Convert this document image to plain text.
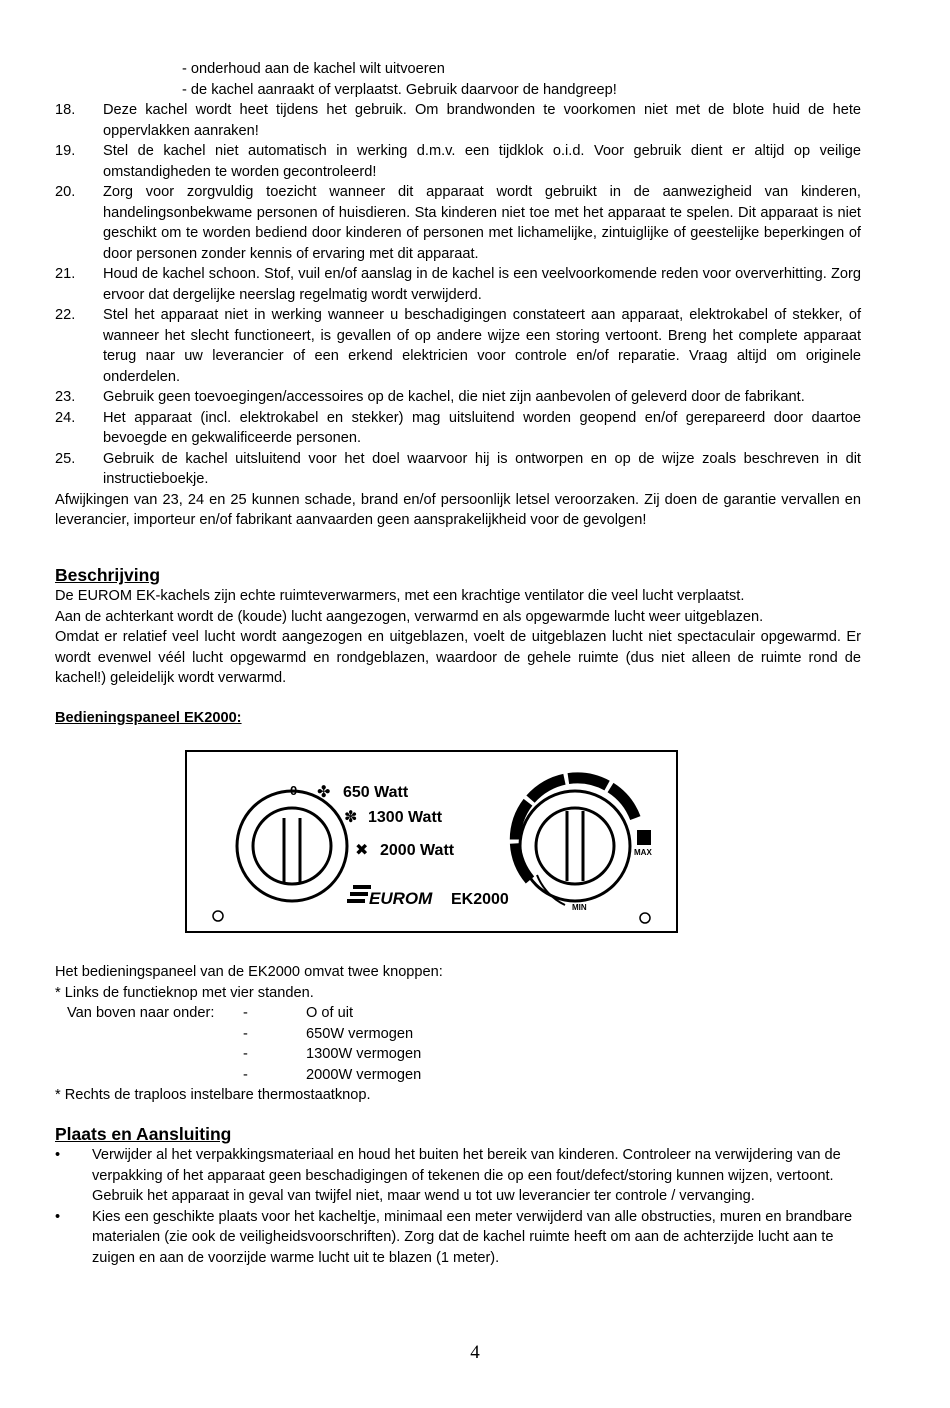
- onderhoud aan de kachel wilt uitvoeren
- de kachel aanraakt of verplaatst. Gebruik daarvoor de handgreep!
18.	Deze kachel wordt heet tijdens het gebruik. Om brandwonden te voorkomen niet met de blote huid de hete oppervlakken aanraken!
19.	Stel de kachel niet automatisch in werking d.m.v. een tijdklok o.i.d. Voor gebruik dient er altijd op veilige omstandigheden te worden gecontroleerd!
20.	Zorg voor zorgvuldig toezicht wanneer dit apparaat wordt gebruikt in de aanwezigheid van kinderen, handelingsonbekwame personen of huisdieren. Sta kinderen niet toe met het apparaat te spelen. Dit apparaat is niet geschikt om te worden bediend door kinderen of personen met lichamelijke, zintuiglijke of geestelijke beperkingen of door personen zonder kennis of ervaring met dit apparaat.
21.	Houd de kachel schoon. Stof, vuil en/of aanslag in de kachel is een veelvoorkomende reden voor oververhitting. Zorg ervoor dat dergelijke neerslag regelmatig wordt verwijderd.
22.	Stel het apparaat niet in werking wanneer u beschadigingen constateert aan apparaat, elektrokabel of stekker, of wanneer het slecht functioneert, is gevallen of op andere wijze een storing vertoont. Breng het complete apparaat terug naar uw leverancier of een erkend elektricien voor controle en/of reparatie. Vraag altijd om originele onderdelen.
23.	Gebruik geen toevoegingen/accessoires op de kachel, die niet zijn aanbevolen of geleverd door de fabrikant.
24.	Het apparaat (incl. elektrokabel en stekker) mag uitsluitend worden geopend en/of gerepareerd door daartoe bevoegde en gekwalificeerde personen.
25.	Gebruik de kachel uitsluitend voor het doel waarvoor hij is ontworpen en op de wijze zoals beschreven in dit instructieboekje.

Afwijkingen van 23, 24 en 25 kunnen schade, brand en/of persoonlijk letsel veroorzaken. Zij doen de garantie vervallen en leverancier, importeur en/of fabrikant aanvaarden geen aansprakelijkheid voor de gevolgen!

Beschrijving

De EUROM EK-kachels zijn echte ruimteverwarmers, met een krachtige ventilator die veel lucht verplaatst.

Aan de achterkant wordt de (koude) lucht aangezogen, verwarmd en als opgewarmde lucht weer uitgeblazen.

Omdat er relatief veel lucht wordt aangezogen en uitgeblazen, voelt de uitgeblazen lucht niet spectaculair opgewarmd. Er wordt evenwel véél lucht opgewarmd en rondgeblazen, waardoor de gehele ruimte (dus niet alleen de ruimte rond de kachel!) geleidelijk wordt verwarmd.

Bedieningspaneel EK2000:
0 ✤ 650 Watt
✽ 1300 Watt
✖ 2000 Watt
EUROM EK2000
MAX
MIN
Het bedieningspaneel van de EK2000 omvat twee knoppen:
* Links de functieknop met vier standen.
Van boven naar onder:	-	O of uit
-	650W vermogen
-	1300W vermogen
-	2000W vermogen
* Rechts de traploos instelbare thermostaatknop.
Plaats en Aansluiting
•	Verwijder al het verpakkingsmateriaal en houd het buiten het bereik van kinderen. Controleer na verwijdering van de verpakking of het apparaat geen beschadigingen of tekenen die op een fout/defect/storing kunnen wijzen, vertoont. Gebruik het apparaat in geval van twijfel niet, maar wend u tot uw leverancier ter controle / vervanging.
•	Kies een geschikte plaats voor het kacheltje, minimaal een meter verwijderd van alle obstructies, muren en brandbare materialen (zie ook de veiligheidsvoorschriften). Zorg dat de kachel ruimte heeft om aan de achterzijde lucht aan te zuigen en aan de voorzijde warme lucht uit te blazen (1 meter).
4
